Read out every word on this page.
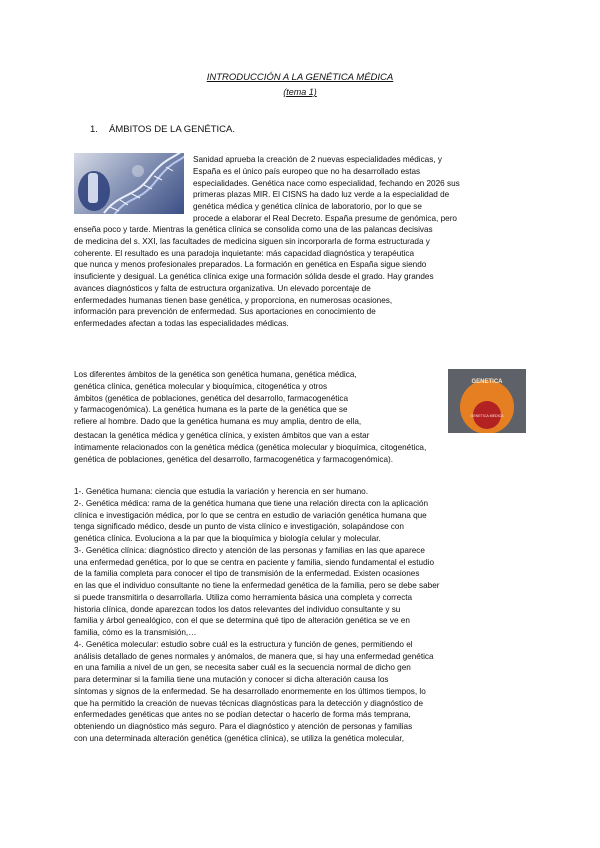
INTRODUCCIÓN A LA GENÉTICA MÉDICA
(tema 1)
1. ÁMBITOS DE LA GENÉTICA.

Sanidad aprueba la creación de 2 nuevas especialidades médicas, y

España es el único país europeo que no ha desarrollado estas

especialidades. Genética nace como especialidad, fechando en 2026 sus

primeras plazas MIR. El CISNS ha dado luz verde a la especialidad de

genética médica y genética clínica de laboratorio, por lo que se

procede a elaborar el Real Decreto. España presume de genómica, pero

enseña poco y tarde. Mientras la genética clínica se consolida como una de las palancas decisivas

de medicina del s. XXI, las facultades de medicina siguen sin incorporarla de forma estructurada y

coherente. El resultado es una paradoja inquietante: más capacidad diagnóstica y terapéutica

que nunca y menos profesionales preparados. La formación en genética en España sigue siendo

insuficiente y desigual. La genética clínica exige una formación sólida desde el grado. Hay grandes

avances diagnósticos y falta de estructura organizativa. Un elevado porcentaje de

enfermedades humanas tienen base genética, y proporciona, en numerosas ocasiones,

información para prevención de enfermedad. Sus aportaciones en conocimiento de

enfermedades afectan a todas las especialidades médicas.

Los diferentes ámbitos de la genética son genética humana, genética médica,

genética clínica, genética molecular y bioquímica, citogenética y otros

ámbitos (genética de poblaciones, genética del desarrollo, farmacogenética

y farmacogenómica). La genética humana es la parte de la genética que se

refiere al hombre. Dado que la genética humana es muy amplia, dentro de ella,

GENETICA
GENETICA MEDICA

destacan la genética médica y genética clínica, y existen ámbitos que van a estar

íntimamente relacionados con la genética médica (genética molecular y bioquímica, citogenética,

genética de poblaciones, genética del desarrollo, farmacogenética y farmacogenómica).

1-. Genética humana: ciencia que estudia la variación y herencia en ser humano.

2-. Genética médica: rama de la genética humana que tiene una relación directa con la aplicación

clínica e investigación médica, por lo que se centra en estudio de variación genética humana que

tenga significado médico, desde un punto de vista clínico e investigación, solapándose con

genética clínica. Evoluciona a la par que la bioquímica y biología celular y molecular.

3-. Genética clínica: diagnóstico directo y atención de las personas y familias en las que aparece

una enfermedad genética, por lo que se centra en paciente y familia, siendo fundamental el estudio

de la familia completa para conocer el tipo de transmisión de la enfermedad. Existen ocasiones

en las que el individuo consultante no tiene la enfermedad genética de la familia, pero se debe saber

si puede transmitirla o desarrollarla. Utiliza como herramienta básica una completa y correcta

historia clínica, donde aparezcan todos los datos relevantes del individuo consultante y su

familia y árbol genealógico, con el que se determina qué tipo de alteración genética se ve en

familia, cómo es la transmisión,…

4-. Genética molecular: estudio sobre cuál es la estructura y función de genes, permitiendo el

análisis detallado de genes normales y anómalos, de manera que, si hay una enfermedad genética

en una familia a nivel de un gen, se necesita saber cuál es la secuencia normal de dicho gen

para determinar si la familia tiene una mutación y conocer si dicha alteración causa los

síntomas y signos de la enfermedad. Se ha desarrollado enormemente en los últimos tiempos, lo

que ha permitido la creación de nuevas técnicas diagnósticas para la detección y diagnóstico de

enfermedades genéticas que antes no se podían detectar o hacerlo de forma más temprana,

obteniendo un diagnóstico más seguro. Para el diagnóstico y atención de personas y familias

con una determinada alteración genética (genética clínica), se utiliza la genética molecular,
